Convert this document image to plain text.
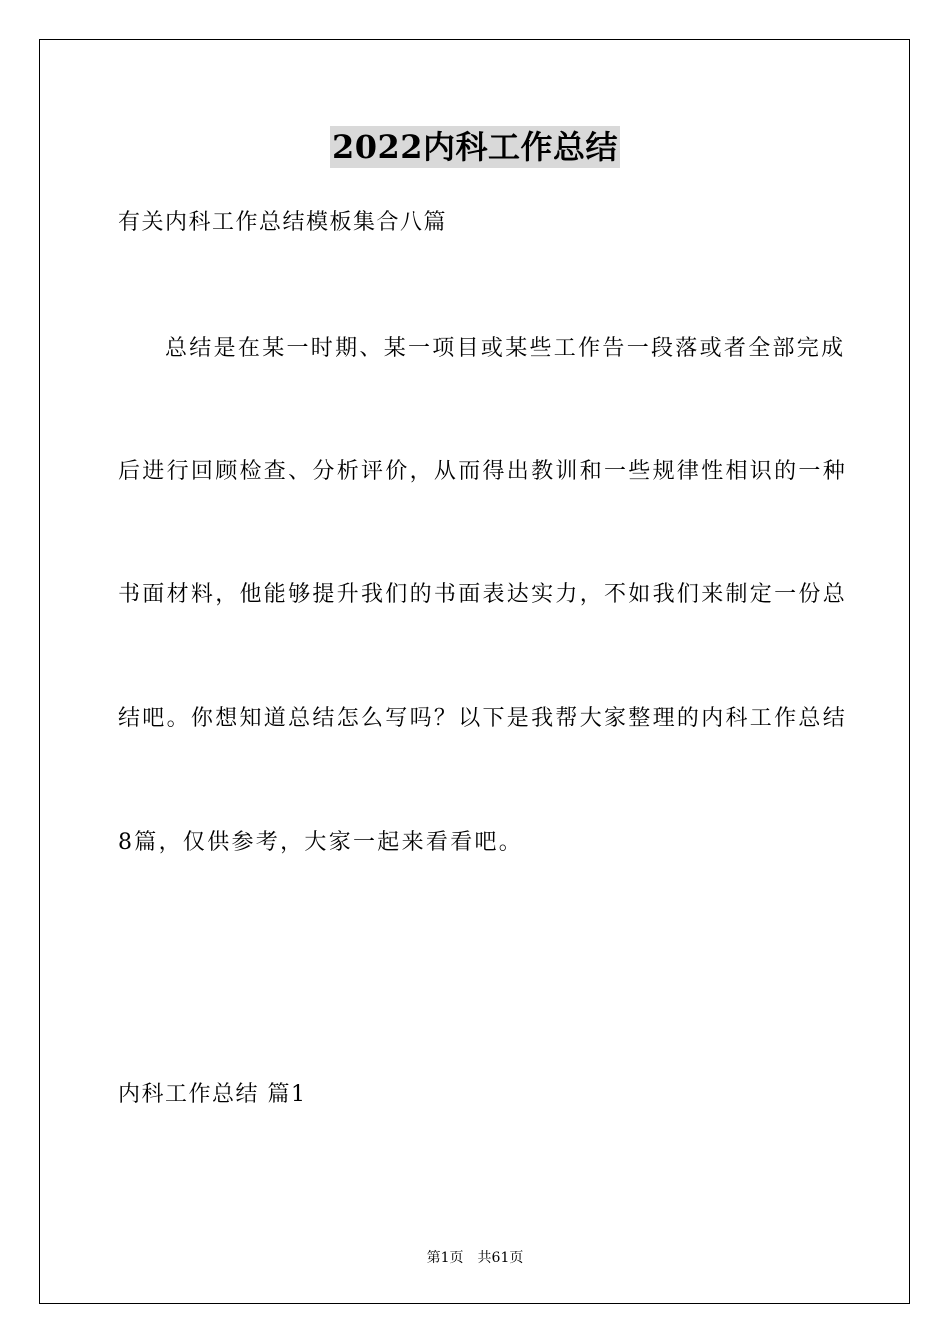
2022内科工作总结
有关内科工作总结模板集合八篇
总结是在某一时期、某一项目或某些工作告一段落或者全部完成
后进行回顾检查、分析评价，从而得出教训和一些规律性相识的一种
书面材料，他能够提升我们的书面表达实力，不如我们来制定一份总
结吧。你想知道总结怎么写吗？以下是我帮大家整理的内科工作总结
8篇，仅供参考，大家一起来看看吧。
内科工作总结 篇1
第1页 共61页
